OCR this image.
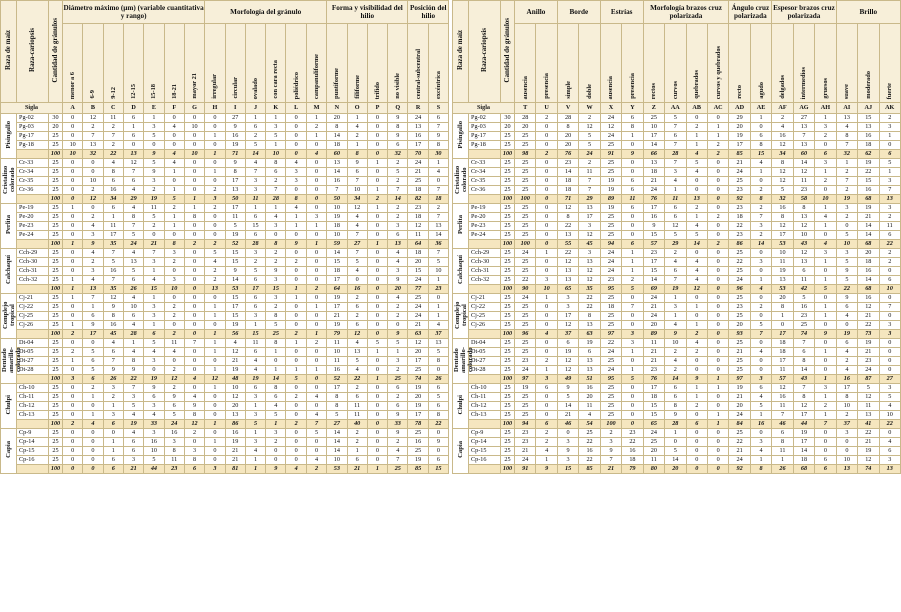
Raza de maíz	Raza-cariopsis	Cantidad de gránulos	Diámetro máximo (µm) (variable cuantitativa y rango)							Morfología del gránulo						Forma y visibilidad del hilio				Posición del hilio	
			menor a 6	6-9	9-12	12-15	15-18	18-21	mayor 21	irregular	circular	ovalado	con cara recta	poliédrico	campanuliforme	puntiforme	filiforme	trífido	no visible	central-subcentral	excéntrica
Sigla			A	B	C	D	E	F	G	H	I	J	K	L	M	N	O	P	Q	R	S
Pisingallo	Pg-02	30	0	12	11	6	1	0	0	0	27	1	1	0	1	20	1	0	9	24	6
	Pg-03	20	0	2	2	1	3	4	10	0	9	6	3	0	2	8	4	0	8	13	7
	Pg-17	25	0	7	7	6	5	0	0	1	16	2	5	0	1	14	2	0	9	16	9
	Pg-18	25	10	13	2	0	0	0	0	0	19	5	1	0	0	18	1	0	6	17	8
		100	10	32	22	13	9	4	10	1	71	14	10	0	4	60	8	0	32	70	30
Cristalino colorado	Cr-33	25	0	0	4	12	5	4	0	0	9	4	8	4	0	13	9	1	2	24	1
	Cr-34	25	0	0	8	7	9	1	0	1	8	7	6	3	0	14	6	0	5	21	4
	Cr-35	25	0	10	6	6	3	0	0	0	17	3	2	3	0	16	7	0	2	25	0
	Cr-36	25	0	2	16	4	2	1	0	2	13	3	7	0	0	7	10	1	7	18	7
		100	0	12	34	29	19	5	1	3	50	11	28	8	0	50	34	2	14	82	18
Perlita	Pe-19	25	1	0	6	4	11	2	1	2	17	1	1	4	0	10	12	1	2	23	2
	Pe-20	25	0	2	1	8	5	1	8	0	11	6	4	1	3	19	4	0	2	18	7
	Pe-23	25	0	4	11	7	2	1	0	0	5	15	3	1	1	18	4	0	3	12	13
	Pe-24	25	0	3	17	5	0	0	0	0	19	6	0	0	0	10	7	0	6	11	14
		100	1	9	35	24	21	8	2	2	52	28	8	9	1	59	27	1	13	64	36
Calchaquí	Cch-29	25	0	4	7	4	7	3	0	5	15	3	2	0	0	14	7	0	4	18	7
	Cch-30	25	0	2	5	13	3	2	0	4	15	2	2	2	0	15	5	0	4	20	5
	Cch-31	25	0	3	16	5	1	0	0	2	9	5	9	0	0	18	4	0	3	15	10
	Cch-32	25	1	4	7	6	4	3	0	2	14	6	3	0	0	17	0	0	9	24	1
		100	1	13	35	26	15	10	0	13	53	17	15	1	2	64	16	0	20	77	23
Complejo tropical	Cj-21	25	1	7	12	4	1	0	0	0	15	6	3	1	0	19	2	0	4	25	0
	Cj-22	25	0	1	9	10	3	2	0	1	17	6	2	0	1	17	6	0	2	24	1
	Cj-25	25	0	6	8	6	3	2	0	1	15	3	8	0	0	21	2	0	2	24	1
	Cj-26	25	1	9	16	4	1	0	0	0	19	1	5	0	0	19	6	0	0	21	4
		100	2	17	45	28	6	2	0	1	56	15	25	2	1	79	12	0	9	63	37
Dentado amarillo-colorado	Dt-04	25	0	0	4	1	5	11	7	1	4	11	8	1	2	11	4	5	5	12	13
	Dt-05	25	2	5	6	4	4	4	0	1	12	6	1	0	0	10	13	1	1	20	5
	Dt-27	25	1	6	7	8	3	0	0	0	21	4	0	0	0	11	5	0	3	17	8
	Dt-28	25	0	5	9	9	0	2	0	1	19	4	1	1	1	16	4	0	2	25	0
		100	3	6	26	22	19	12	4	12	48	19	14	5	0	52	22	1	25	74	26
Chulpi	Ch-10	25	0	2	3	7	9	2	0	1	10	6	8	0	0	17	2	0	6	19	6
	Ch-11	25	0	1	2	3	6	9	4	0	12	3	6	2	4	8	6	0	2	20	5
	Ch-12	25	0	0	1	5	3	6	9	0	20	1	4	0	0	8	11	0	6	19	6
	Ch-13	25	0	1	3	4	4	5	8	0	13	3	5	0	4	5	11	0	9	17	8
		100	2	4	6	19	33	24	12	1	86	5	1	2	7	27	40	0	33	78	22
Capia	Cp-9	25	0	0	0	4	3	16	2	0	16	1	3	0	5	14	2	0	9	25	0
	Cp-14	25	0	0	1	6	16	3	0	1	19	3	2	0	0	14	2	0	2	16	9
	Cp-15	25	0	0	1	6	10	8	3	0	21	4	0	0	0	14	1	0	4	25	0
	Cp-16	25	0	0	6	3	5	11	8	0	21	1	0	0	4	10	6	0	7	19	6
		100	0	0	6	21	44	23	6	3	81	1	9	4	2	53	21	1	25	85	15
Raza de maíz	Raza-cariopsis	Cantidad de gránulos	Anillo		Borde		Estrías		Morfología brazos cruz polarizada				Ángulo cruz polarizada		Espesor brazos cruz polarizada			Brillo		
			ausencia	presencia	simple	doble	ausencia	presencia	rectos	curvos	quebrados	curvos y quebrados	recto	agudo	delgados	intermedios	gruesos	suave	moderado	fuerte
Sigla			T	U	V	W	X	Y	Z	AA	AB	AC	AD	AE	AF	AG	AH	AI	AJ	AK
Pisingallo	Pg-02	30	28	2	28	2	24	6	25	5	0	0	29	1	2	27	1	13	15	2
	Pg-03	20	20	0	8	12	12	8	10	7	2	1	20	0	4	13	3	4	13	3
	Pg-17	25	25	0	20	5	24	1	17	6	1	1	19	6	16	7	2	8	16	1
	Pg-18	25	25	0	20	5	25	0	14	7	1	2	17	8	12	13	0	7	18	0
		100	98	2	76	24	91	9	66	28	4	2	85	15	34	60	6	32	62	6
Cristalino colorado	Cr-33	25	25	0	23	2	25	0	13	7	5	0	21	4	8	14	3	1	19	5
	Cr-34	25	25	0	14	11	25	0	18	3	4	0	24	1	12	12	1	2	22	1
	Cr-35	25	25	0	18	7	19	6	21	4	0	0	25	0	12	11	2	7	15	3
	Cr-36	25	25	0	18	7	19	6	24	1	0	0	23	2	5	23	0	2	16	7
		100	100	0	71	29	89	11	76	11	13	0	92	8	32	58	10	19	68	13
Perlita	Pe-19	25	25	0	12	13	19	6	17	6	2	0	23	2	16	8	1	3	19	3
	Pe-20	25	25	0	8	17	25	0	16	6	1	2	18	7	8	13	4	2	21	2
	Pe-23	25	25	0	22	3	25	0	9	12	4	0	22	3	12	12	1	0	14	11
	Pe-24	25	25	0	13	12	25	0	15	5	5	0	23	2	17	10	0	5	14	6
		100	100	0	55	45	94	6	57	29	14	2	86	14	53	43	4	10	68	22
Calchaquí	Cch-29	25	24	1	22	3	24	1	23	2	0	0	25	0	10	12	3	3	20	2
	Cch-30	25	25	0	12	13	24	1	17	4	4	0	22	3	11	13	1	5	18	2
	Cch-31	25	25	0	13	12	24	1	15	6	4	0	25	0	19	6	0	9	16	0
	Cch-32	25	22	3	13	12	23	2	14	7	4	0	24	1	13	11	1	5	14	6
		100	90	10	65	35	95	5	69	19	12	0	96	4	53	42	5	22	68	10
Complejo tropical	Cj-21	25	24	1	3	22	25	0	24	1	0	0	25	0	20	5	0	9	16	0
	Cj-22	25	25	0	3	22	18	7	21	3	1	0	23	2	8	16	1	6	12	7
	Cj-25	25	25	0	17	8	25	0	24	1	0	0	25	0	1	23	1	4	21	0
	Cj-26	25	25	0	12	13	25	0	20	4	1	0	20	5	0	25	0	0	22	3
		100	96	4	37	63	97	3	89	9	2	0	93	7	17	74	9	19	73	3
Dentado amarillo-colorado	Dt-04	25	25	0	6	19	22	3	11	10	4	0	25	0	18	7	0	6	19	0
	Dt-05	25	25	0	19	6	24	1	21	2	2	0	21	4	18	6	1	4	21	0
	Dt-27	25	23	2	12	13	25	0	21	4	0	0	25	0	17	8	0	2	23	0
	Dt-28	25	24	1	12	13	24	1	23	2	0	0	25	0	11	14	0	4	24	0
		100	97	3	49	51	95	5	76	14	9	1	97	3	57	43	1	16	87	27
Chulpi	Ch-10	25	19	6	9	16	25	0	17	6	1	1	19	6	12	7	3	17	5	3
	Ch-11	25	25	0	5	20	25	0	18	6	1	0	21	4	16	8	1	8	12	5
	Ch-12	25	25	0	14	11	25	0	15	8	2	0	20	5	11	12	2	10	11	4
	Ch-13	25	25	0	21	4	25	0	15	9	0	1	24	1	7	17	1	2	13	10
		100	94	6	46	54	100	0	65	28	6	1	84	16	46	44	7	37	41	22
Capia	Cp-9	25	23	2	0	25	2	23	24	1	0	0	25	0	6	19	0	3	22	0
	Cp-14	25	23	2	3	22	3	22	25	0	0	0	22	3	8	17	0	0	21	4
	Cp-15	25	21	4	9	16	9	16	20	5	0	0	21	4	11	14	0	0	19	6
	Cp-16	25	24	1	3	22	7	18	11	14	0	0	24	1	1	18	6	10	12	3
		100	91	9	15	85	21	79	80	20	0	0	92	8	26	68	6	13	74	13
